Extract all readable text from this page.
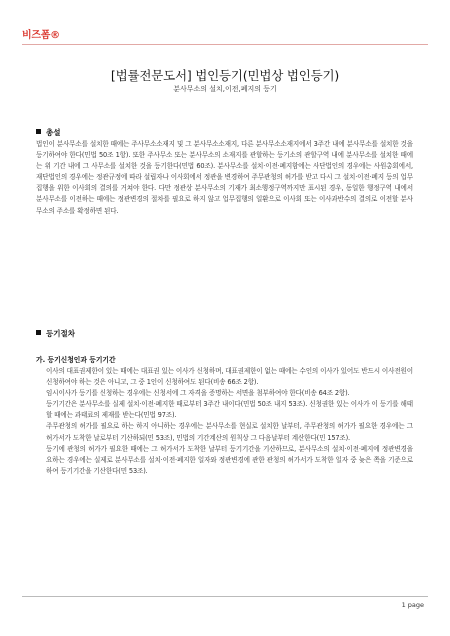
비즈폼®
[법률전문도서] 법인등기(민법상 법인등기)
분사무소의 설치,이전,폐지의 등기
총설
법인이 분사무소를 설치한 때에는 주사무소소재지 및 그 분사무소소재지, 다른 분사무소소재지에서 3주간 내에 분사무소를 설치한 것을 등기하여야 한다(민법 50조 1항). 또한 주사무소 또는 분사무소의 소재지를 관할하는 등기소의 관할구역 내에 분사무소를 설치한 때에는 위 기간 내에 그 사무소를 설치한 것을 등기한다(민법 60조). 분사무소를 설치·이전·폐지함에는 사단법인의 경우에는 사원총회에서, 재단법인의 경우에는 정관규정에 따라 설립자나 이사회에서 정관을 변경하여 주무관청의 허가를 받고 다시 그 설치·이전·폐지 등의 업무집행을 위한 이사회의 결의를 거쳐야 한다. 다만 정관상 분사무소의 기재가 최소행정구역까지만 표시된 경우, 동일한 행정구역 내에서 분사무소를 이전하는 때에는 정관변경의 절차를 필요로 하지 않고 업무집행의 일환으로 이사회 또는 이사과반수의 결의로 이전할 분사무소의 주소를 확정하면 된다.
등기절차
가. 등기신청인과 등기기간

이사의 대표권제한이 있는 때에는 대표권 있는 이사가 신청하며, 대표권제한이 없는 때에는 수인의 이사가 있어도 반드시 이사전원이 신청하여야 하는 것은 아니고, 그 중 1인이 신청하여도 된다(비송 66조 2항).

임시이사가 등기를 신청하는 경우에는 신청서에 그 자격을 증명하는 서면을 첨부하여야 한다(비송 64조 2항).

등기기간은 분사무소를 실제 설치·이전·폐지한 때로부터 3주간 내이다(민법 50조 내지 53조). 신청권한 있는 이사가 이 등기를 해태할 때에는 과태료의 제재를 받는다(민법 97조).

주무관청의 허가를 필요로 하는 하지 아니하는 경우에는 분사무소를 현실로 설치한 날부터, 주무관청의 허가가 필요한 경우에는 그 허가서가 도착한 날로부터 기산하되(민 53조), 민법의 기간계산의 원칙상 그 다음날부터 계산한다(민 157조).

등기에 관청의 허가가 필요한 때에는 그 허가서가 도착한 날부터 등기기간을 기산하므로, 분사무소의 설치·이전·폐지에 정관변경을 요하는 경우에는 실제로 분사무소를 설치·이전·폐지한 일자와 정관변경에 관한 관청의 허가서가 도착한 일자 중 늦은 쪽을 기준으로 하여 등기기간을 기산한다(민 53조).

1 page
